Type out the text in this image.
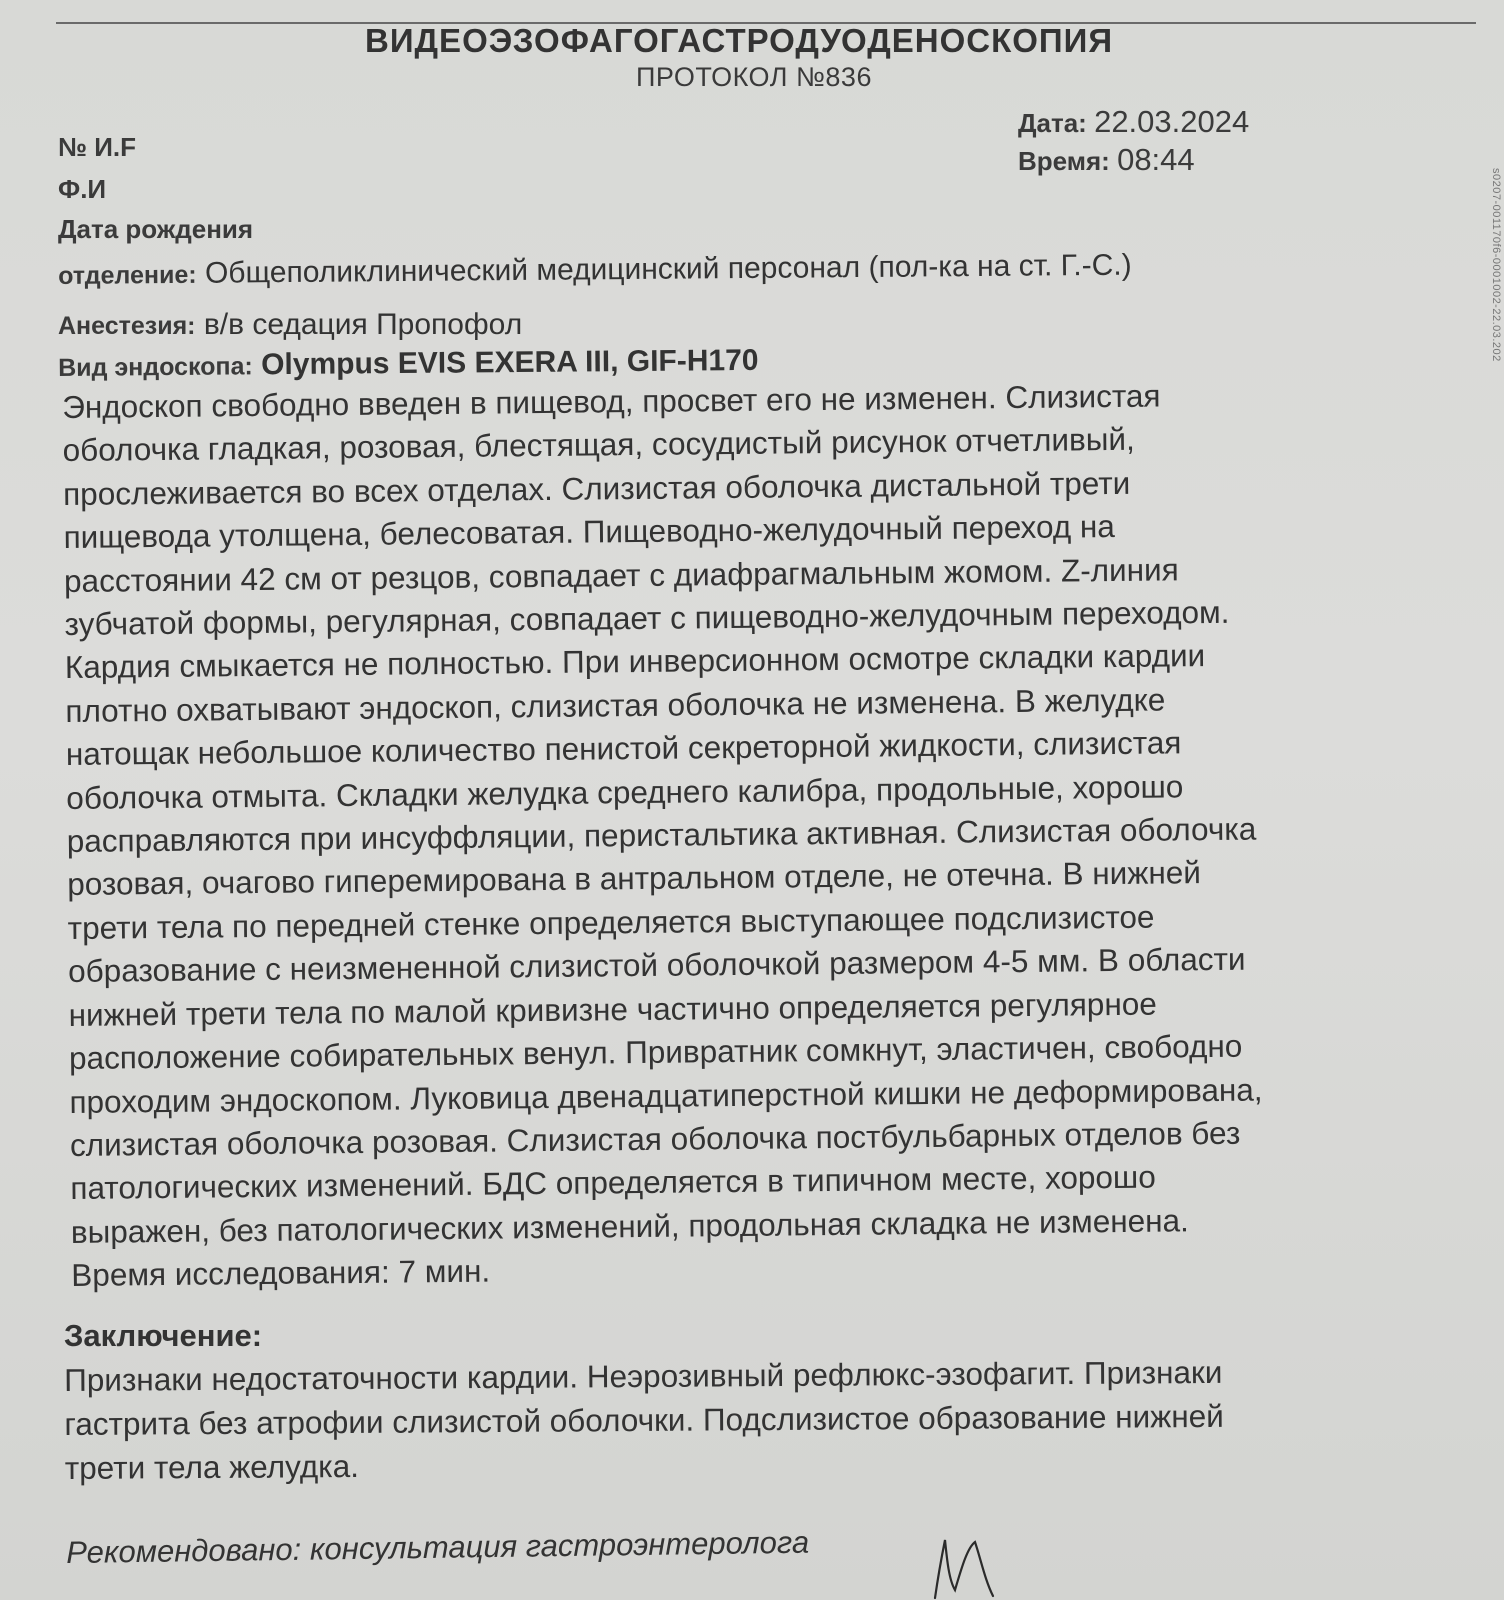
ВИДЕОЭЗОФАГОГАСТРОДУОДЕНОСКОПИЯ
ПРОТОКОЛ №836
Дата: 22.03.2024
Время: 08:44
№ И.F
Ф.И
Дата рождения
отделение: Общеполиклинический медицинский персонал (пол-ка на ст. Г.-С.)
Анестезия: в/в седация Пропофол
Вид эндоскопа: Olympus EVIS EXERA III, GIF-H170
Эндоскоп свободно введен в пищевод, просвет его не изменен. Слизистая
оболочка гладкая, розовая, блестящая, сосудистый рисунок отчетливый,
прослеживается во всех отделах. Слизистая оболочка дистальной трети
пищевода утолщена, белесоватая. Пищеводно-желудочный переход на
расстоянии 42 см от резцов, совпадает с диафрагмальным жомом. Z-линия
зубчатой формы, регулярная, совпадает с пищеводно-желудочным переходом.
Кардия смыкается не полностью. При инверсионном осмотре складки кардии
плотно охватывают эндоскоп, слизистая оболочка не изменена. В желудке
натощак небольшое количество пенистой секреторной жидкости, слизистая
оболочка отмыта. Складки желудка среднего калибра, продольные, хорошо
расправляются при инсуффляции, перистальтика активная. Слизистая оболочка
розовая, очагово гиперемирована в антральном отделе, не отечна. В нижней
трети тела по передней стенке определяется выступающее подслизистое
образование с неизмененной слизистой оболочкой размером 4-5 мм. В области
нижней трети тела по малой кривизне частично определяется регулярное
расположение собирательных венул. Привратник сомкнут, эластичен, свободно
проходим эндоскопом. Луковица двенадцатиперстной кишки не деформирована,
слизистая оболочка розовая. Слизистая оболочка постбульбарных отделов без
патологических изменений. БДС определяется в типичном месте, хорошо
выражен, без патологических изменений, продольная складка не изменена.
Время исследования: 7 мин.
Заключение:
Признаки недостаточности кардии. Неэрозивный рефлюкс-эзофагит. Признаки
гастрита без атрофии слизистой оболочки. Подслизистое образование нижней
трети тела желудка.
Рекомендовано: консультация гастроэнтеролога
s0207-001170f6-0001002-22.03.202
